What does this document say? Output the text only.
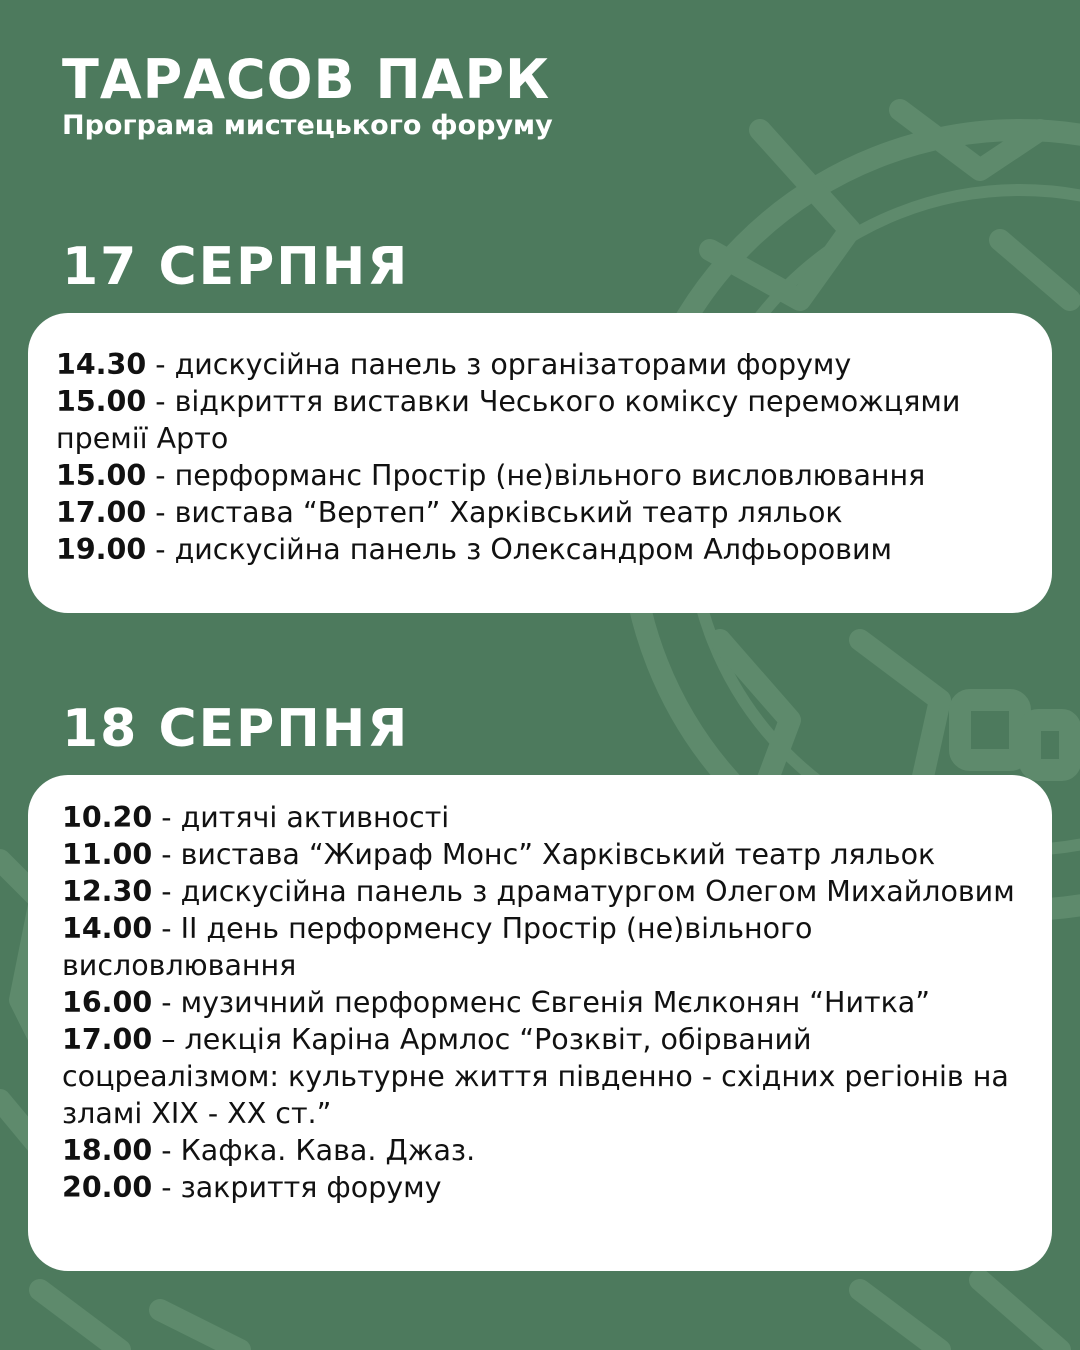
ТАРАСОВ ПАРК

Програма мистецького форуму

17 СЕРПНЯ
14.30 - дискусійна панель з організаторами форуму
15.00 - відкриття виставки Чеського коміксу переможцями премії Арто
15.00 - перформанс Простір (не)вільного висловлювання
17.00 - вистава “Вертеп” Харківський театр ляльок
19.00 - дискусійна панель з Олександром Алфьоровим
18 СЕРПНЯ
10.20 - дитячі активності
11.00 - вистава “Жираф Монс” Харківський театр ляльок
12.30 - дискусійна панель з драматургом Олегом Михайловим
14.00 - ІІ день перформенсу Простір (не)вільного висловлювання
16.00 - музичний перформенс Євгенія Мєлконян “Нитка”
17.00 – лекція Каріна Армлос “Розквіт, обірваний соцреалізмом: культурне життя південно - східних регіонів на зламі ХІХ - ХХ ст.”
18.00 - Кафка. Кава. Джаз.
20.00 - закриття форуму
